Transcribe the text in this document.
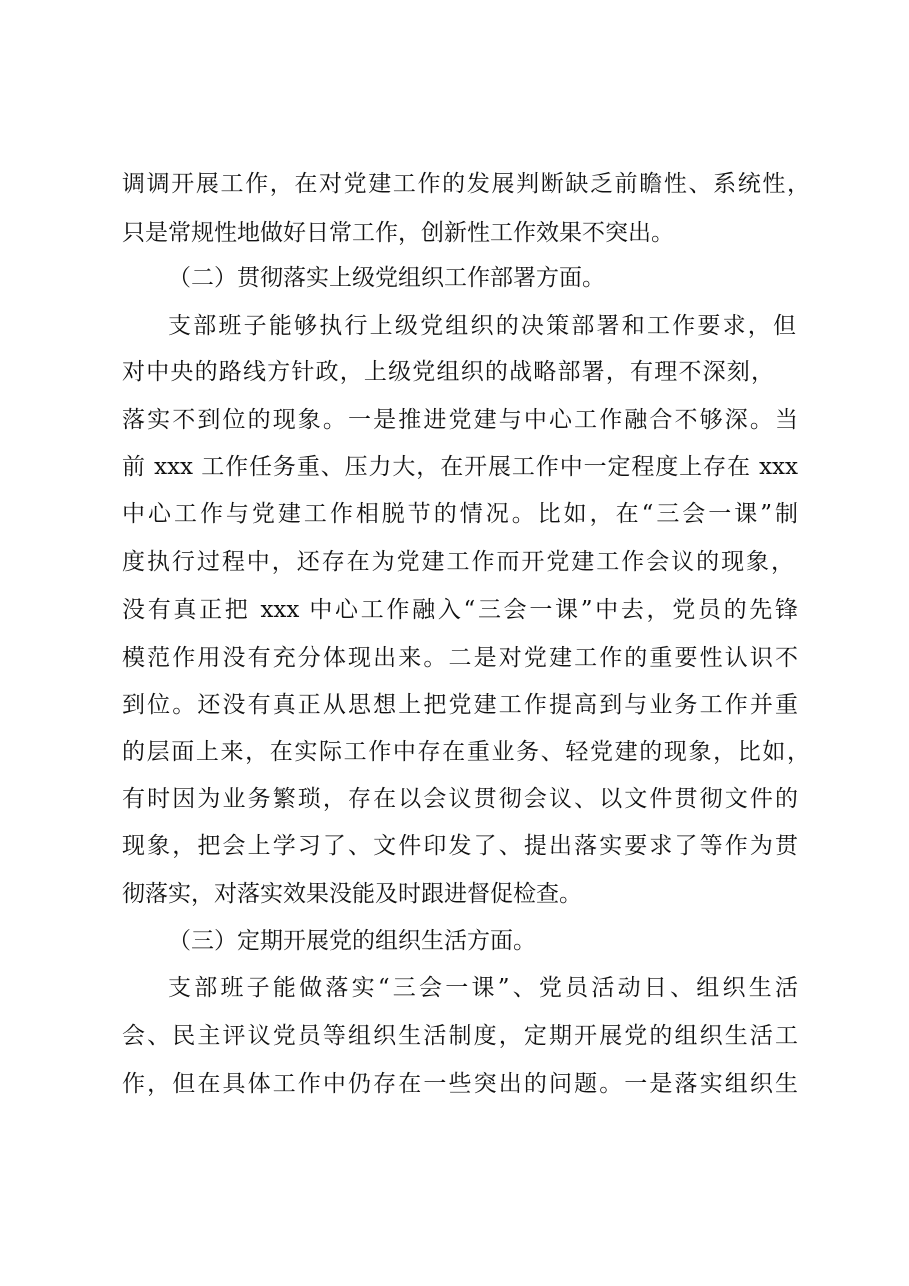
调调开展工作，在对党建工作的发展判断缺乏前瞻性、系统性，
只是常规性地做好日常工作，创新性工作效果不突出。
（二）贯彻落实上级党组织工作部署方面。
支部班子能够执行上级党组织的决策部署和工作要求，但
对中央的路线方针政，上级党组织的战略部署，有理不深刻，
落实不到位的现象。一是推进党建与中心工作融合不够深。当
前 xxx 工作任务重、压力大，在开展工作中一定程度上存在 xxx
中心工作与党建工作相脱节的情况。比如，在“三会一课”制
度执行过程中，还存在为党建工作而开党建工作会议的现象，
没有真正把 xxx 中心工作融入“三会一课”中去，党员的先锋
模范作用没有充分体现出来。二是对党建工作的重要性认识不
到位。还没有真正从思想上把党建工作提高到与业务工作并重
的层面上来，在实际工作中存在重业务、轻党建的现象，比如，
有时因为业务繁琐，存在以会议贯彻会议、以文件贯彻文件的
现象，把会上学习了、文件印发了、提出落实要求了等作为贯
彻落实，对落实效果没能及时跟进督促检查。
（三）定期开展党的组织生活方面。
支部班子能做落实“三会一课”、党员活动日、组织生活
会、民主评议党员等组织生活制度，定期开展党的组织生活工
作，但在具体工作中仍存在一些突出的问题。一是落实组织生
